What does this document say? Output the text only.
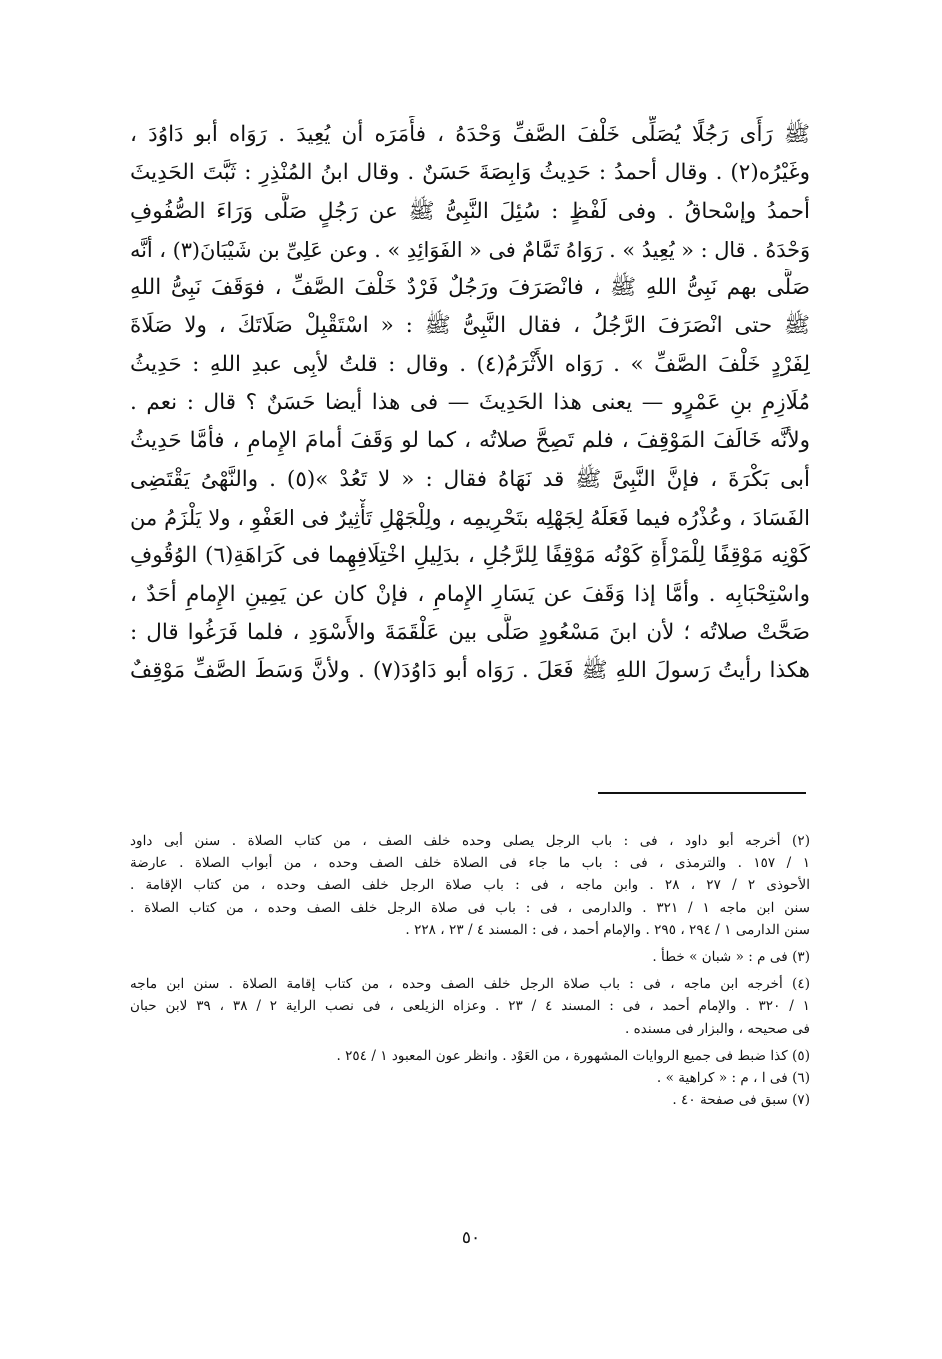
ﷺ رَأَى رَجُلًا يُصَلِّى خَلْفَ الصَّفِّ وَحْدَهُ ، فأَمَرَه أن يُعِيدَ . رَوَاه أبو دَاوُدَ ،
وغَيْرُه(٢) . وقال أحمدُ : حَدِيثُ وَابِصَةَ حَسَنٌ . وقال ابنُ المُنْذِرِ : ثَبَّتَ الحَدِيثَ
أحمدُ وإسْحاقُ . وفى لَفْظٍ : سُئِلَ النَّبِىُّ ﷺ عن رَجُلٍ صَلَّى وَرَاءَ الصُّفُوفِ
وَحْدَهُ . قال : « يُعِيدُ » . رَوَاهُ تَمَّامٌ فى « الفَوَائِدِ » . وعن عَلِىِّ بن شَيْبَانَ(٣) ، أنَّه
صَلَّى بهم نَبِىُّ اللهِ ﷺ ، فانْصَرَفَ ورَجُلٌ فَرْدٌ خَلْفَ الصَّفِّ ، فوَقَفَ نَبِىُّ اللهِ
ﷺ حتى انْصَرَفَ الرَّجُلُ ، فقال النَّبِىُّ ﷺ : « اسْتَقْبِلْ صَلَاتَكَ ، ولا صَلَاةَ
لِفَرْدٍ خَلْفَ الصَّفِّ » . رَوَاه الأَثْرَمُ(٤) . وقال : قلتُ لأبِى عبدِ اللهِ : حَدِيثُ
مُلَازِمِ بنِ عَمْرٍو — يعنى هذا الحَدِيثَ — فى هذا أيضا حَسَنٌ ؟ قال : نعم .
ولأنَّه خَالَفَ المَوْقِفَ ، فلم تَصِحَّ صلاتُه ، كما لو وَقَفَ أمامَ الإِمامِ ، فأمَّا حَدِيثُ
أبى بَكْرَةَ ، فإنَّ النَّبِىَّ ﷺ قد نَهَاهُ فقال : « لا تَعُدْ »(٥) . والنَّهْىُ يَقْتَضِى
الفَسَادَ ، وعُذْرُه فيما فَعَلَهُ لِجَهْلِه بتَحْرِيمِه ، ولِلْجَهْلِ تَأْثِيرٌ فى العَفْوِ ، ولا يَلْزَمُ من
كَوْنِه مَوْقِفًا لِلْمَرْأَةِ كَوْنُه مَوْقِفًا لِلرَّجُلِ ، بدَلِيلِ اخْتِلَافِهِما فى كَرَاهَةِ(٦) الوُقُوفِ
واسْتِحْبَابِه . وأمَّا إذا وَقَفَ عن يَسَارِ الإِمامِ ، فإنْ كان عن يَمِينِ الإِمامِ أحَدٌ ،
صَحَّتْ صلاتُه ؛ لأن ابنَ مَسْعُودٍ صَلَّى بين عَلْقَمَةَ والأَسْوَدِ ، فلما فَرَغُوا قال :
هكذا رأيتُ رَسولَ اللهِ ﷺ فَعَلَ . رَوَاه أبو دَاوُدَ(٧) . ولأنَّ وَسَطَ الصَّفِّ مَوْقِفٌ
(٢) أخرجه أبو داود ، فى : باب الرجل يصلى وحده خلف الصف ، من كتاب الصلاة . سنن أبى داود
١ / ١٥٧ . والترمذى ، فى : باب ما جاء فى الصلاة خلف الصف وحده ، من أبواب الصلاة . عارضة
الأحوذى ٢ / ٢٧ ، ٢٨ . وابن ماجه ، فى : باب صلاة الرجل خلف الصف وحده ، من كتاب الإقامة .
سنن ابن ماجه ١ / ٣٢١ . والدارمى ، فى : باب فى صلاة الرجل خلف الصف وحده ، من كتاب الصلاة .
سنن الدارمى ١ / ٢٩٤ ، ٢٩٥ . والإمام أحمد ، فى : المسند ٤ / ٢٣ ، ٢٢٨ .
(٣) فى م : « شبان » خطأ .
(٤) أخرجه ابن ماجه ، فى : باب صلاة الرجل خلف الصف وحده ، من كتاب إقامة الصلاة . سنن ابن ماجه
١ / ٣٢٠ . والإمام أحمد ، فى : المسند ٤ / ٢٣ . وعزاه الزيلعى ، فى نصب الراية ٢ / ٣٨ ، ٣٩ لابن حبان
فى صحيحه ، والبزار فى مسنده .
(٥) كذا ضبط فى جميع الروايات المشهورة ، من العَوْد . وانظر عون المعبود ١ / ٢٥٤ .
(٦) فى ا ، م : « كراهية » .
(٧) سبق فى صفحة ٤٠ .
٥٠
